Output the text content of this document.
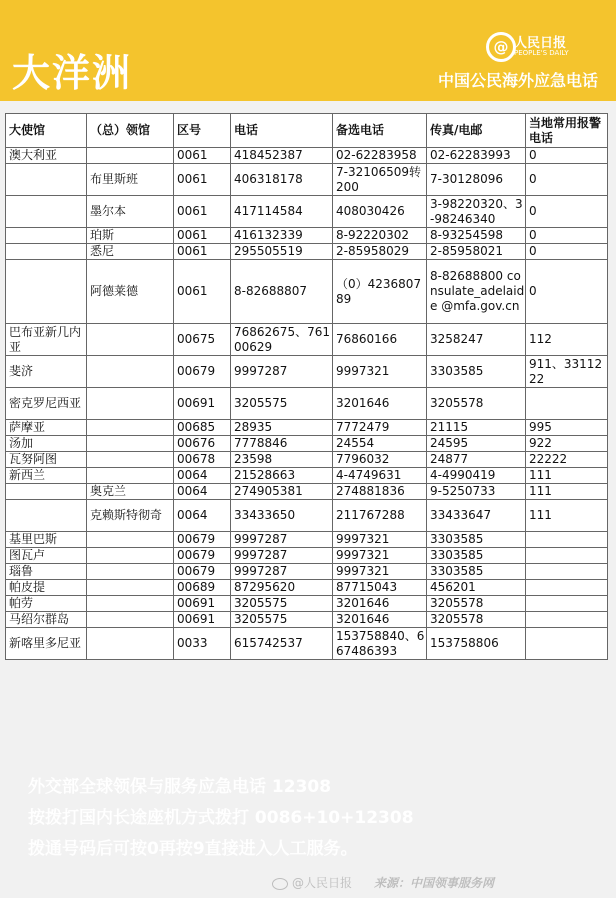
大洋洲
@ 人民日报
PEOPLE'S DAILY
中国公民海外应急电话
大使馆	（总）领馆	区号	电话	备选电话	传真/电邮	当地常用报警电话
澳大利亚		0061	418452387	02-62283958	02-62283993	0
	布里斯班	0061	406318178	7-32106509转200	7-30128096	0
	墨尔本	0061	417114584	408030426	3-98220320、3-98246340	0
	珀斯	0061	416132339	8-92220302	8-93254598	0
	悉尼	0061	295505519	2-85958029	2-85958021	0
	阿德莱德	0061	8-82688807	（0）423680789	8-82688800 consulate_adelaide @mfa.gov.cn	0
巴布亚新几内亚		00675	76862675、76100629	76860166	3258247	112
斐济		00679	9997287	9997321	3303585	911、3311222
密克罗尼西亚		00691	3205575	3201646	3205578	
萨摩亚		00685	28935	7772479	21115	995
汤加		00676	7778846	24554	24595	922
瓦努阿图		00678	23598	7796032	24877	22222
新西兰		0064	21528663	4-4749631	4-4990419	111
	奥克兰	0064	274905381	274881836	9-5250733	111
	克赖斯特彻奇	0064	33433650	211767288	33433647	111
基里巴斯		00679	9997287	9997321	3303585	
图瓦卢		00679	9997287	9997321	3303585	
瑙鲁		00679	9997287	9997321	3303585	
帕皮提		00689	87295620	87715043	456201	
帕劳		00691	3205575	3201646	3205578	
马绍尔群岛		00691	3205575	3201646	3205578	
新喀里多尼亚		0033	615742537	153758840、667486393	153758806	
外交部全球领保与服务应急电话 12308
按拨打国内长途座机方式拨打 0086+10+12308
拨通号码后可按0再按9直接进入人工服务。
@人民日报 来源：中国领事服务网
